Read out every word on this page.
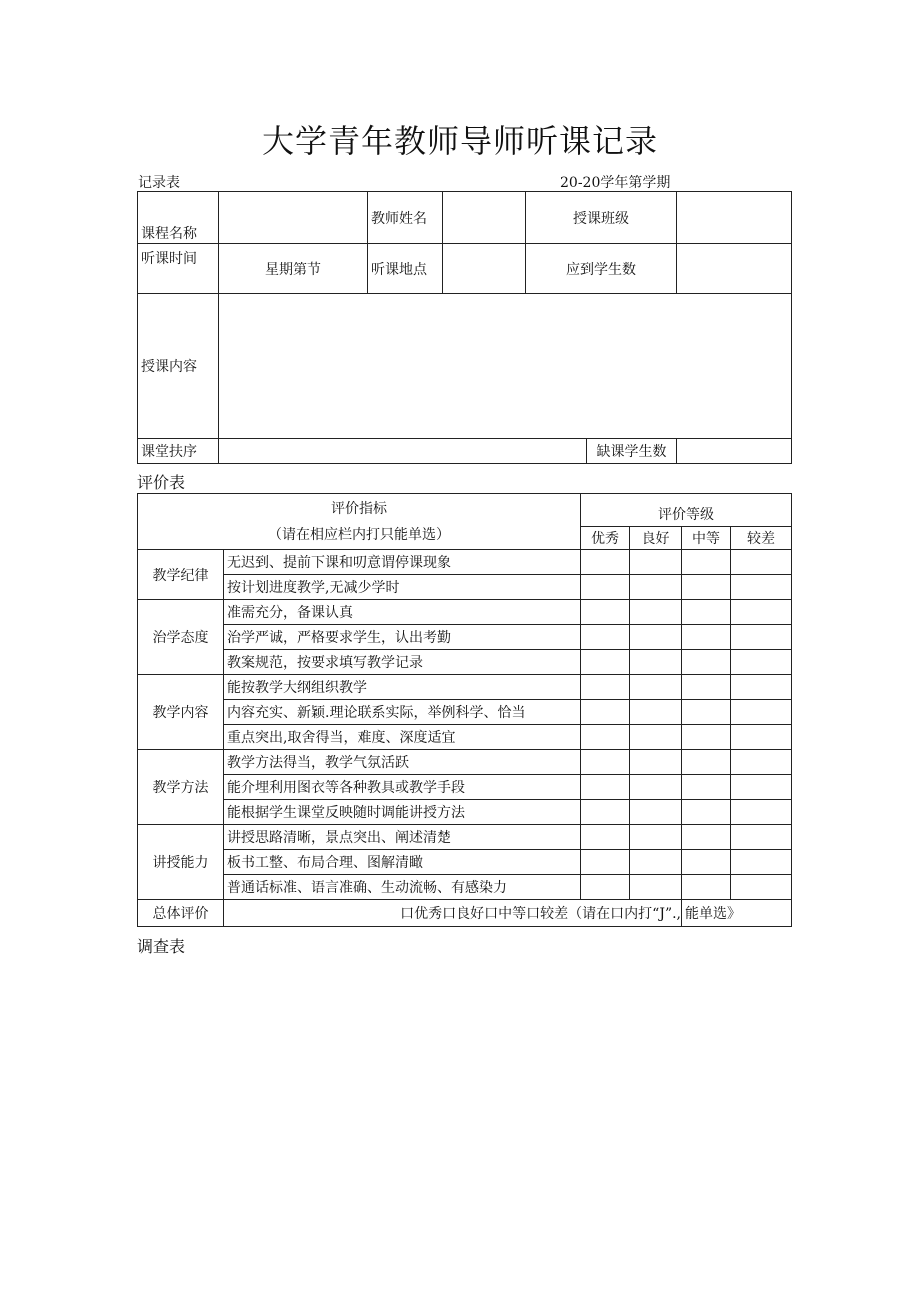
大学青年教师导师听课记录
记录表	20-20学年第学期
课程名称		教师姓名		授课班级		
听课时间	星期第节	听课地点		应到学生数		
授课内容						
课堂扶序					缺课学生数	
评价表
评价指标
（请在相应栏内打只能单选）		评价等级			
		优秀	良好	中等	较差
教学纪律	无迟到、提前下课和叨意谓停课现象				
	按计划进度教学,无减少学时				
治学态度	准需充分，备课认真				
	治学严诚，严格要求学生，认出考勤				
	教案规范，按要求填写教学记录				
教学内容	能按教学大纲组织教学				
	内容充实、新颖.理论联系实际，举例科学、恰当				
	重点突出,取舍得当，难度、深度适宜				
教学方法	教学方法得当，教学气氛活跃				
	能介埋利用图衣等各种教具或教学手段				
	能根据学生课堂反映随时调能讲授方法				
讲授能力	讲授思路清晰，景点突出、阐述清楚				
	板书工整、布局合理、图解清瞰				
	普通话标准、语言准确、生动流畅、有感染力				
总体评价	口优秀口良好口中等口较差（请在口内打“J”.,			能单选》	
调查表
